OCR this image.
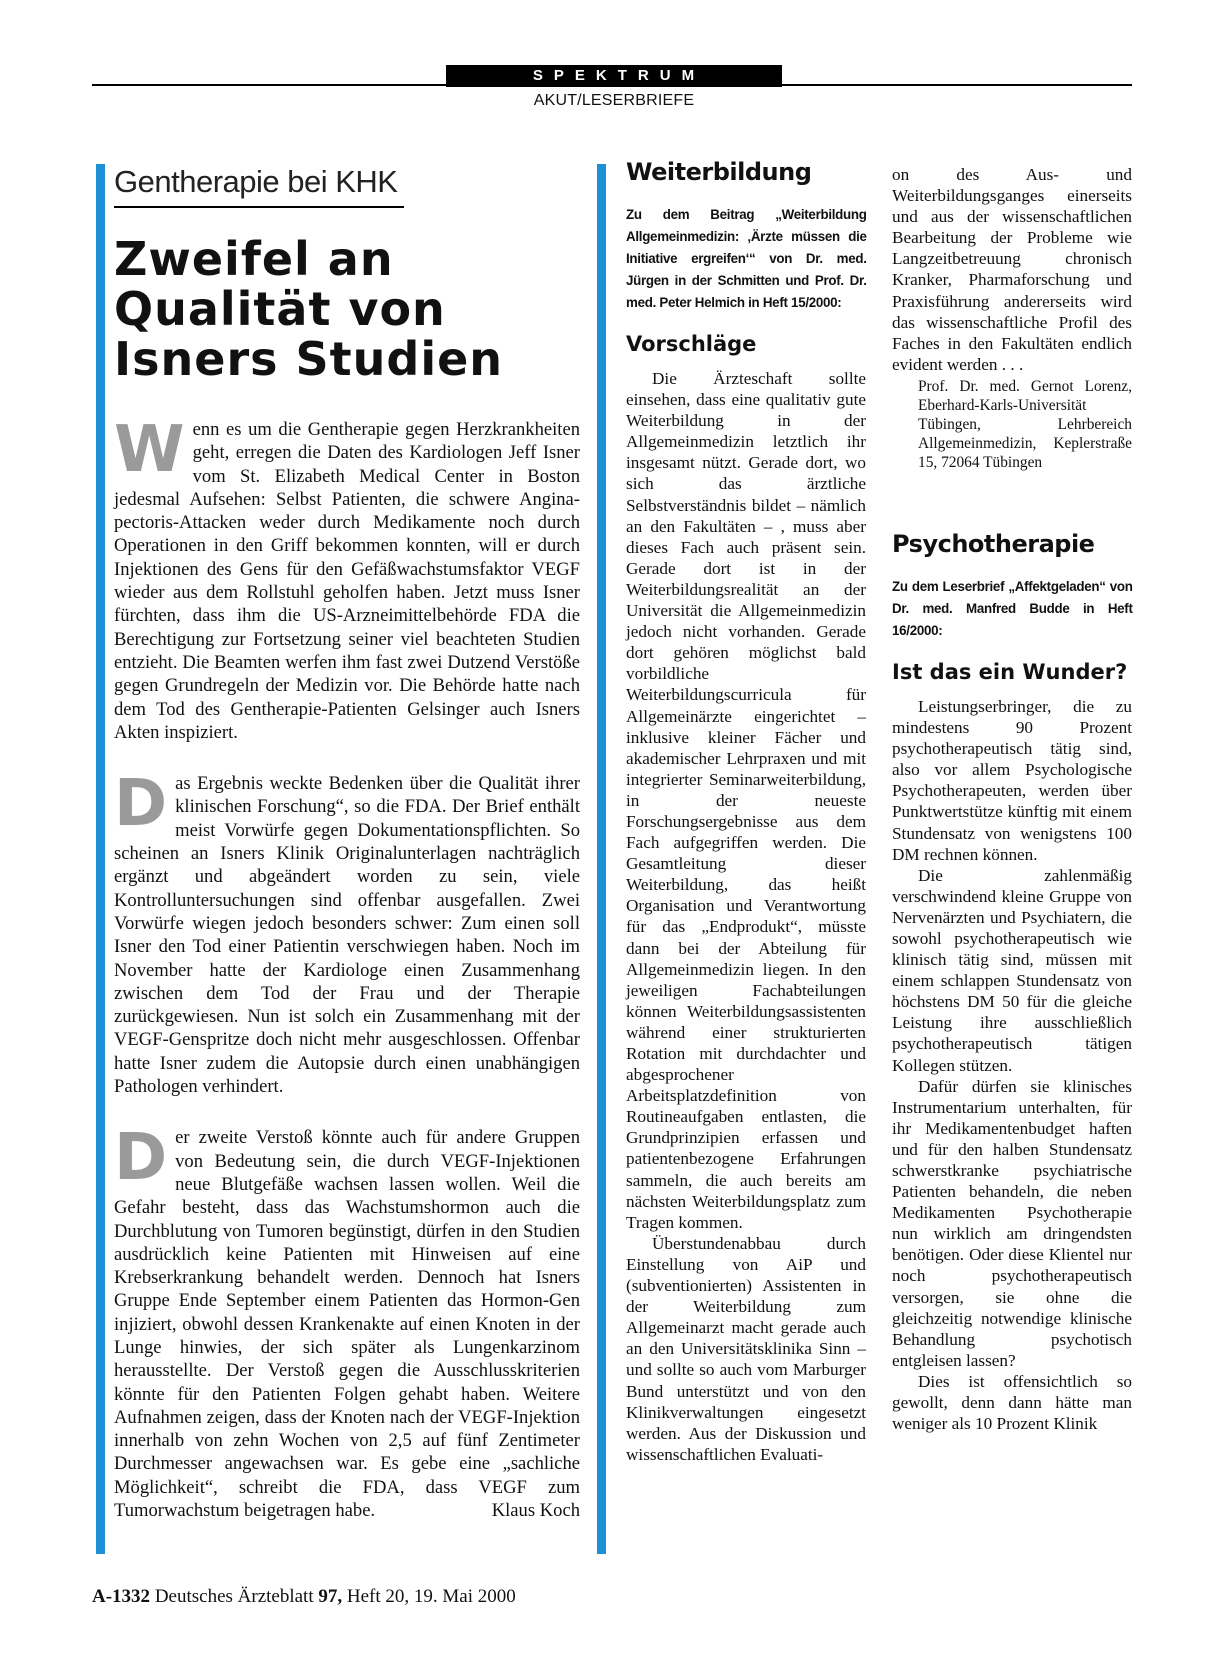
SPEKTRUM
AKUT/LESERBRIEFE
Gentherapie bei KHK
Zweifel an Qualität von Isners Studien

W enn es um die Gentherapie gegen Herzkrankheiten geht, erregen die Daten des Kardiologen Jeff Isner vom St. Elizabeth Medical Center in Boston jedesmal Aufsehen: Selbst Patienten, die schwere Angina-pectoris-Attacken weder durch Medikamente noch durch Operationen in den Griff bekommen konnten, will er durch Injektionen des Gens für den Gefäßwachstumsfaktor VEGF wieder aus dem Rollstuhl geholfen haben. Jetzt muss Isner fürchten, dass ihm die US-Arzneimittelbehörde FDA die Berechtigung zur Fortsetzung seiner viel beachteten Studien entzieht. Die Beamten werfen ihm fast zwei Dutzend Verstöße gegen Grundregeln der Medizin vor. Die Behörde hatte nach dem Tod des Gentherapie-Patienten Gelsinger auch Isners Akten inspiziert.

D as Ergebnis weckte Bedenken über die Qualität ihrer klinischen Forschung“, so die FDA. Der Brief enthält meist Vorwürfe gegen Dokumentationspflichten. So scheinen an Isners Klinik Originalunterlagen nachträglich ergänzt und abgeändert worden zu sein, viele Kontrolluntersuchungen sind offenbar ausgefallen. Zwei Vorwürfe wiegen jedoch besonders schwer: Zum einen soll Isner den Tod einer Patientin verschwiegen haben. Noch im November hatte der Kardiologe einen Zusammenhang zwischen dem Tod der Frau und der Therapie zurückgewiesen. Nun ist solch ein Zusammenhang mit der VEGF-Genspritze doch nicht mehr ausgeschlossen. Offenbar hatte Isner zudem die Autopsie durch einen unabhängigen Pathologen verhindert.

D er zweite Verstoß könnte auch für andere Gruppen von Bedeutung sein, die durch VEGF-Injektionen neue Blutgefäße wachsen lassen wollen. Weil die Gefahr besteht, dass das Wachstumshormon auch die Durchblutung von Tumoren begünstigt, dürfen in den Studien ausdrücklich keine Patienten mit Hinweisen auf eine Krebserkrankung behandelt werden. Dennoch hat Isners Gruppe Ende September einem Patienten das Hormon-Gen injiziert, obwohl dessen Krankenakte auf einen Knoten in der Lunge hinwies, der sich später als Lungenkarzinom herausstellte. Der Verstoß gegen die Ausschlusskriterien könnte für den Patienten Folgen gehabt haben. Weitere Aufnahmen zeigen, dass der Knoten nach der VEGF-Injektion innerhalb von zehn Wochen von 2,5 auf fünf Zentimeter Durchmesser angewachsen war. Es gebe eine „sachliche Möglichkeit“, schreibt die FDA, dass VEGF zum Tumorwachstum beigetragen habe.	Klaus Koch

Weiterbildung

Zu dem Beitrag „Weiterbildung Allgemeinmedizin: ‚Ärzte müssen die Initiative ergreifen‘“ von Dr. med. Jürgen in der Schmitten und Prof. Dr. med. Peter Helmich in Heft 15/2000:

Vorschläge

Die Ärzteschaft sollte einsehen, dass eine qualitativ gute Weiterbildung in der Allgemeinmedizin letztlich ihr insgesamt nützt. Gerade dort, wo sich das ärztliche Selbstverständnis bildet – nämlich an den Fakultäten – , muss aber dieses Fach auch präsent sein. Gerade dort ist in der Weiterbildungsrealität an der Universität die Allgemeinmedizin jedoch nicht vorhanden. Gerade dort gehören möglichst bald vorbildliche Weiterbildungscurricula für Allgemeinärzte eingerichtet – inklusive kleiner Fächer und akademischer Lehrpraxen und mit integrierter Seminarweiterbildung, in der neueste Forschungsergebnisse aus dem Fach aufgegriffen werden. Die Gesamtleitung dieser Weiterbildung, das heißt Organisation und Verantwortung für das „Endprodukt“, müsste dann bei der Abteilung für Allgemeinmedizin liegen. In den jeweiligen Fachabteilungen können Weiterbildungsassistenten während einer strukturierten Rotation mit durchdachter und abgesprochener Arbeitsplatzdefinition von Routineaufgaben entlasten, die Grundprinzipien erfassen und patientenbezogene Erfahrungen sammeln, die auch bereits am nächsten Weiterbildungsplatz zum Tragen kommen.

Überstundenabbau durch Einstellung von AiP und (subventionierten) Assistenten in der Weiterbildung zum Allgemeinarzt macht gerade auch an den Universitätsklinika Sinn – und sollte so auch vom Marburger Bund unterstützt und von den Klinikverwaltungen eingesetzt werden. Aus der Diskussion und wissenschaftlichen Evaluati-

on des Aus- und Weiterbildungsganges einerseits und aus der wissenschaftlichen Bearbeitung der Probleme wie Langzeitbetreuung chronisch Kranker, Pharmaforschung und Praxisführung andererseits wird das wissenschaftliche Profil des Faches in den Fakultäten endlich evident werden . . .

Prof. Dr. med. Gernot Lorenz, Eberhard-Karls-Universität Tübingen, Lehrbereich Allgemeinmedizin, Keplerstraße 15, 72064 Tübingen

Psychotherapie

Zu dem Leserbrief „Affektgeladen“ von Dr. med. Manfred Budde in Heft 16/2000:

Ist das ein Wunder?

Leistungserbringer, die zu mindestens 90 Prozent psychotherapeutisch tätig sind, also vor allem Psychologische Psychotherapeuten, werden über Punktwertstütze künftig mit einem Stundensatz von wenigstens 100 DM rechnen können.

Die zahlenmäßig verschwindend kleine Gruppe von Nervenärzten und Psychiatern, die sowohl psychotherapeutisch wie klinisch tätig sind, müssen mit einem schlappen Stundensatz von höchstens DM 50 für die gleiche Leistung ihre ausschließlich psychotherapeutisch tätigen Kollegen stützen.

Dafür dürfen sie klinisches Instrumentarium unterhalten, für ihr Medikamentenbudget haften und für den halben Stundensatz schwerstkranke psychiatrische Patienten behandeln, die neben Medikamenten Psychotherapie nun wirklich am dringendsten benötigen. Oder diese Klientel nur noch psychotherapeutisch versorgen, sie ohne die gleichzeitig notwendige klinische Behandlung psychotisch entgleisen lassen?

Dies ist offensichtlich so gewollt, denn dann hätte man weniger als 10 Prozent Klinik

A-1332 Deutsches Ärzteblatt 97, Heft 20, 19. Mai 2000
